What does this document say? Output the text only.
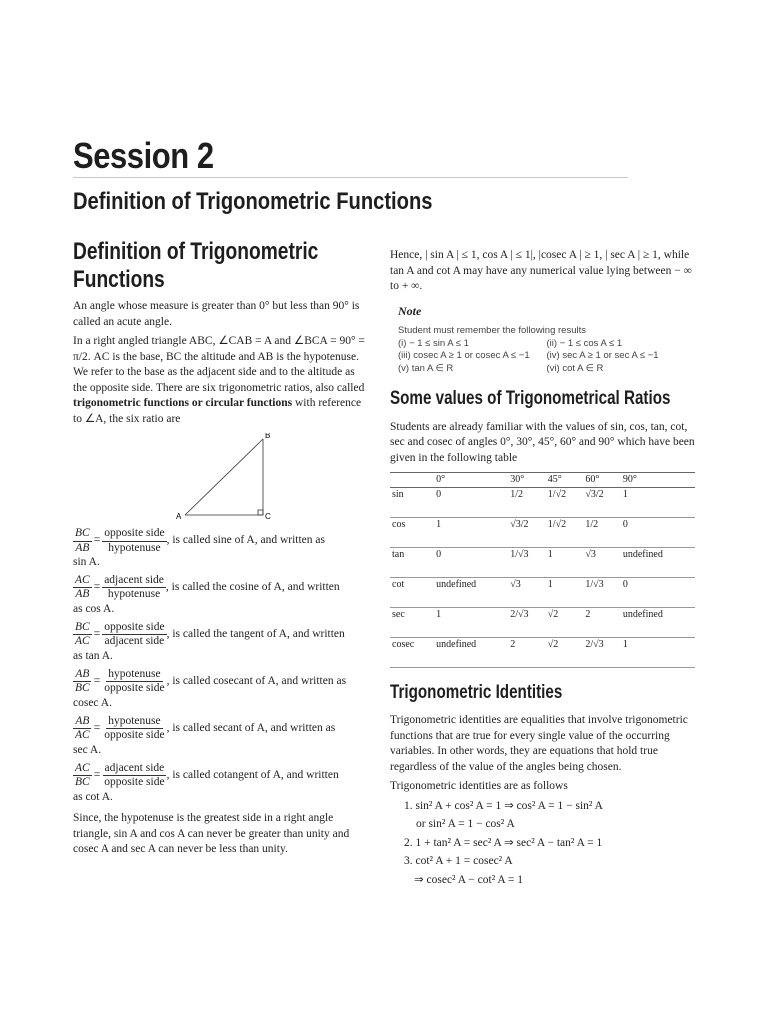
Session 2
Definition of Trigonometric Functions
Definition of Trigonometric Functions

An angle whose measure is greater than 0° but less than 90° is called an acute angle.

In a right angled triangle ABC, ∠CAB = A and ∠BCA = 90° = π/2. AC is the base, BC the altitude and AB is the hypotenuse. We refer to the base as the adjacent side and to the altitude as the opposite side. There are six trigonometric ratios, also called trigonometric functions or circular functions with reference to ∠A, the six ratio are

A
B
C
$\frac{BC}{AB} = \frac{\text{opposite side}}{\text{hypotenuse}}$ , is called sine of A, and written as
sin A.
$\frac{AC}{AB} = \frac{\text{adjacent side}}{\text{hypotenuse}}$ , is called the cosine of A, and written
as cos A.
$\frac{BC}{AC} = \frac{\text{opposite side}}{\text{adjacent side}}$ , is called the tangent of A, and written
as tan A.
$\frac{AB}{BC} = \frac{\text{hypotenuse}}{\text{opposite side}}$ , is called cosecant of A, and written as
cosec A.
$\frac{AB}{AC} = \frac{\text{hypotenuse}}{\text{opposite side}}$ , is called secant of A, and written as
sec A.
$\frac{AC}{BC} = \frac{\text{adjacent side}}{\text{opposite side}}$ , is called cotangent of A, and written
as cot A.

Since, the hypotenuse is the greatest side in a right angle triangle, sin A and cos A can never be greater than unity and cosec A and sec A can never be less than unity.

Hence, | sin A | ≤ 1, cos A | ≤ 1|, |cosec A | ≥ 1, | sec A | ≥ 1, while tan A and cot A may have any numerical value lying between − ∞ to + ∞.

Note
Student must remember the following results
(i) − 1 ≤ sin A ≤ 1	(ii) − 1 ≤ cos A ≤ 1
(iii) cosec A ≥ 1 or cosec A ≤ −1	(iv) sec A ≥ 1 or sec A ≤ −1
(v) tan A ∈ R	(vi) cot A ∈ R
Some values of Trigonometrical Ratios

Students are already familiar with the values of sin, cos, tan, cot, sec and cosec of angles 0°, 30°, 45°, 60° and 90° which have been given in the following table

	0°	30°	45°	60°	90°
sin	0	1/2	1/√2	√3/2	1
cos	1	√3/2	1/√2	1/2	0
tan	0	1/√3	1	√3	undefined
cot	undefined	√3	1	1/√3	0
sec	1	2/√3	√2	2	undefined
cosec	undefined	2	√2	2/√3	1
Trigonometric Identities

Trigonometric identities are equalities that involve trigonometric functions that are true for every single value of the occurring variables. In other words, they are equations that hold true regardless of the value of the angles being chosen.

Trigonometric identities are as follows

1. sin² A + cos² A = 1 ⇒ cos² A = 1 − sin² A
or sin² A = 1 − cos² A
2. 1 + tan² A = sec² A ⇒ sec² A − tan² A = 1
3. cot² A + 1 = cosec² A
⇒ cosec² A − cot² A = 1
